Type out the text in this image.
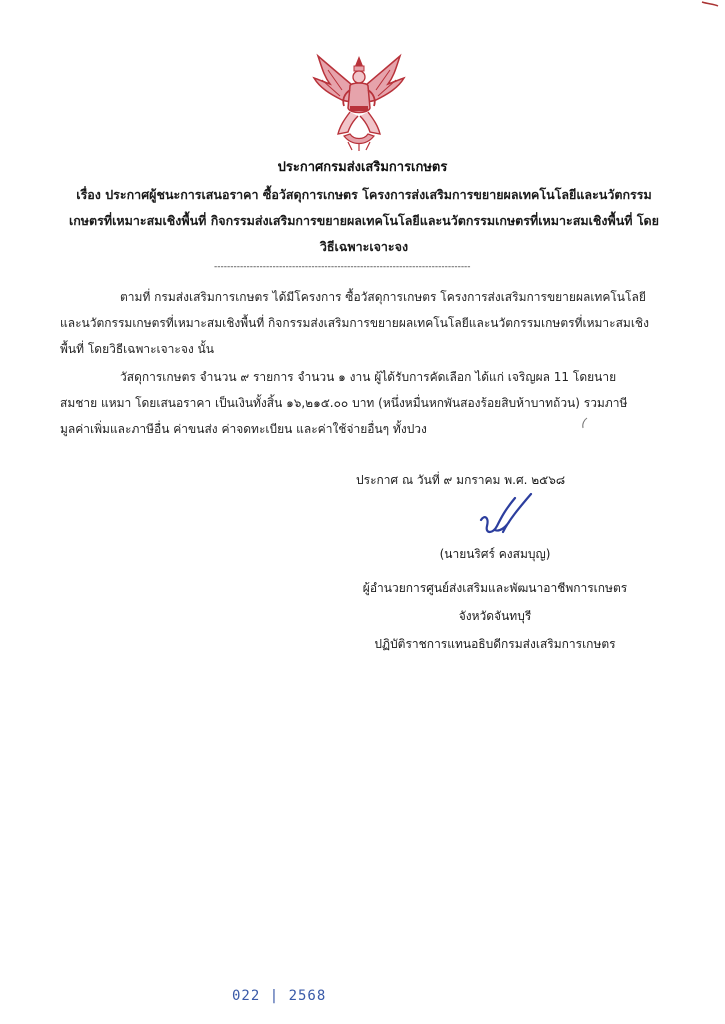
ประกาศกรมส่งเสริมการเกษตร
เรื่อง ประกาศผู้ชนะการเสนอราคา ซื้อวัสดุการเกษตร โครงการส่งเสริมการขยายผลเทคโนโลยีและนวัตกรรม
เกษตรที่เหมาะสมเชิงพื้นที่ กิจกรรมส่งเสริมการขยายผลเทคโนโลยีและนวัตกรรมเกษตรที่เหมาะสมเชิงพื้นที่ โดย
วิธีเฉพาะเจาะจง
-------------------------------------------------------------------------------
ตามที่ กรมส่งเสริมการเกษตร ได้มีโครงการ ซื้อวัสดุการเกษตร โครงการส่งเสริมการขยายผลเทคโนโลยี
และนวัตกรรมเกษตรที่เหมาะสมเชิงพื้นที่ กิจกรรมส่งเสริมการขยายผลเทคโนโลยีและนวัตกรรมเกษตรที่เหมาะสมเชิง
พื้นที่ โดยวิธีเฉพาะเจาะจง นั้น
วัสดุการเกษตร จำนวน ๙ รายการ จำนวน ๑ งาน ผู้ได้รับการคัดเลือก ได้แก่ เจริญผล 11 โดยนาย
สมชาย แหมา โดยเสนอราคา เป็นเงินทั้งสิ้น ๑๖,๒๑๕.๐๐ บาท (หนึ่งหมื่นหกพันสองร้อยสิบห้าบาทถ้วน) รวมภาษี
มูลค่าเพิ่มและภาษีอื่น ค่าขนส่ง ค่าจดทะเบียน และค่าใช้จ่ายอื่นๆ ทั้งปวง
ประกาศ ณ วันที่ ๙ มกราคม พ.ศ. ๒๕๖๘
(นายนริศร์ คงสมบุญ)
ผู้อำนวยการศูนย์ส่งเสริมและพัฒนาอาชีพการเกษตร
จังหวัดจันทบุรี
ปฏิบัติราชการแทนอธิบดีกรมส่งเสริมการเกษตร
022 | 2568
